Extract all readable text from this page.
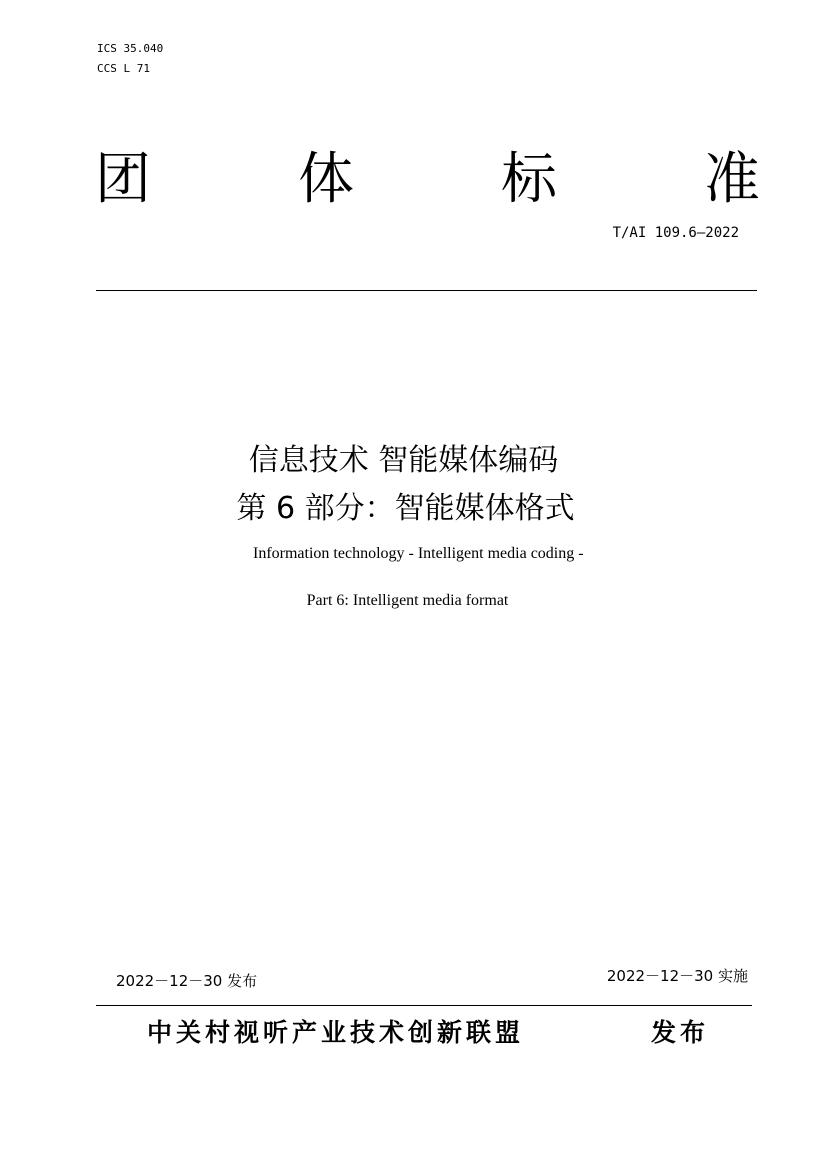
ICS 35.040
CCS L 71
团	体	标	准
T/AI 109.6—2022
信息技术 智能媒体编码
第 6 部分：智能媒体格式
Information technology - Intelligent media coding -
Part 6: Intelligent media format
2022－12－30 发布	2022－12－30 实施
中关村视听产业技术创新联盟	发布
